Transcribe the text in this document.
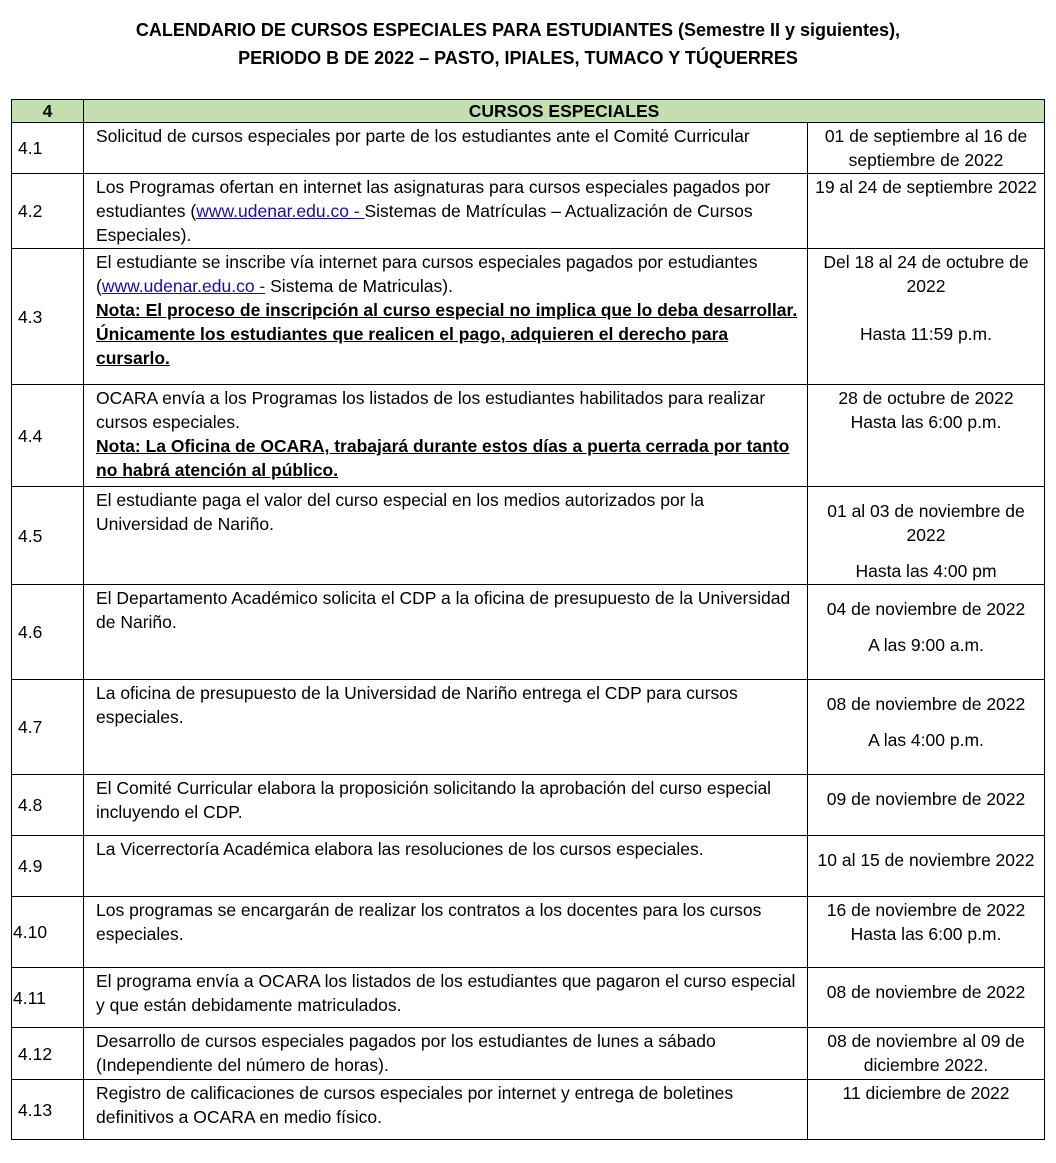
CALENDARIO DE CURSOS ESPECIALES PARA ESTUDIANTES (Semestre II y siguientes),
PERIODO B DE 2022 – PASTO, IPIALES, TUMACO Y TÚQUERRES
4	CURSOS ESPECIALES	
4.1	Solicitud de cursos especiales por parte de los estudiantes ante el Comité Curricular	01 de septiembre al 16 de septiembre de 2022
4.2	Los Programas ofertan en internet las asignaturas para cursos especiales pagados por estudiantes (www.udenar.edu.co - Sistemas de Matrículas – Actualización de Cursos Especiales).	19 al 24 de septiembre 2022
4.3	El estudiante se inscribe vía internet para cursos especiales pagados por estudiantes (www.udenar.edu.co - Sistema de Matriculas).
Nota: El proceso de inscripción al curso especial no implica que lo deba desarrollar. Únicamente los estudiantes que realicen el pago, adquieren el derecho para cursarlo.	Del 18 al 24 de octubre de 2022
Hasta 11:59 p.m.
4.4	OCARA envía a los Programas los listados de los estudiantes habilitados para realizar cursos especiales.
Nota: La Oficina de OCARA, trabajará durante estos días a puerta cerrada por tanto no habrá atención al público.	28 de octubre de 2022
Hasta las 6:00 p.m.
4.5	El estudiante paga el valor del curso especial en los medios autorizados por la Universidad de Nariño.	01 al 03 de noviembre de 2022
Hasta las 4:00 pm
4.6	El Departamento Académico solicita el CDP a la oficina de presupuesto de la Universidad de Nariño.	04 de noviembre de 2022
A las 9:00 a.m.
4.7	La oficina de presupuesto de la Universidad de Nariño entrega el CDP para cursos especiales.	08 de noviembre de 2022
A las 4:00 p.m.
4.8	El Comité Curricular elabora la proposición solicitando la aprobación del curso especial incluyendo el CDP.	09 de noviembre de 2022
4.9	La Vicerrectoría Académica elabora las resoluciones de los cursos especiales.	10 al 15 de noviembre 2022
4.10	Los programas se encargarán de realizar los contratos a los docentes para los cursos especiales.	16 de noviembre de 2022
Hasta las 6:00 p.m.
4.11	El programa envía a OCARA los listados de los estudiantes que pagaron el curso especial y que están debidamente matriculados.	08 de noviembre de 2022
4.12	Desarrollo de cursos especiales pagados por los estudiantes de lunes a sábado (Independiente del número de horas).	08 de noviembre al 09 de diciembre 2022.
4.13	Registro de calificaciones de cursos especiales por internet y entrega de boletines definitivos a OCARA en medio físico.	11 diciembre de 2022
